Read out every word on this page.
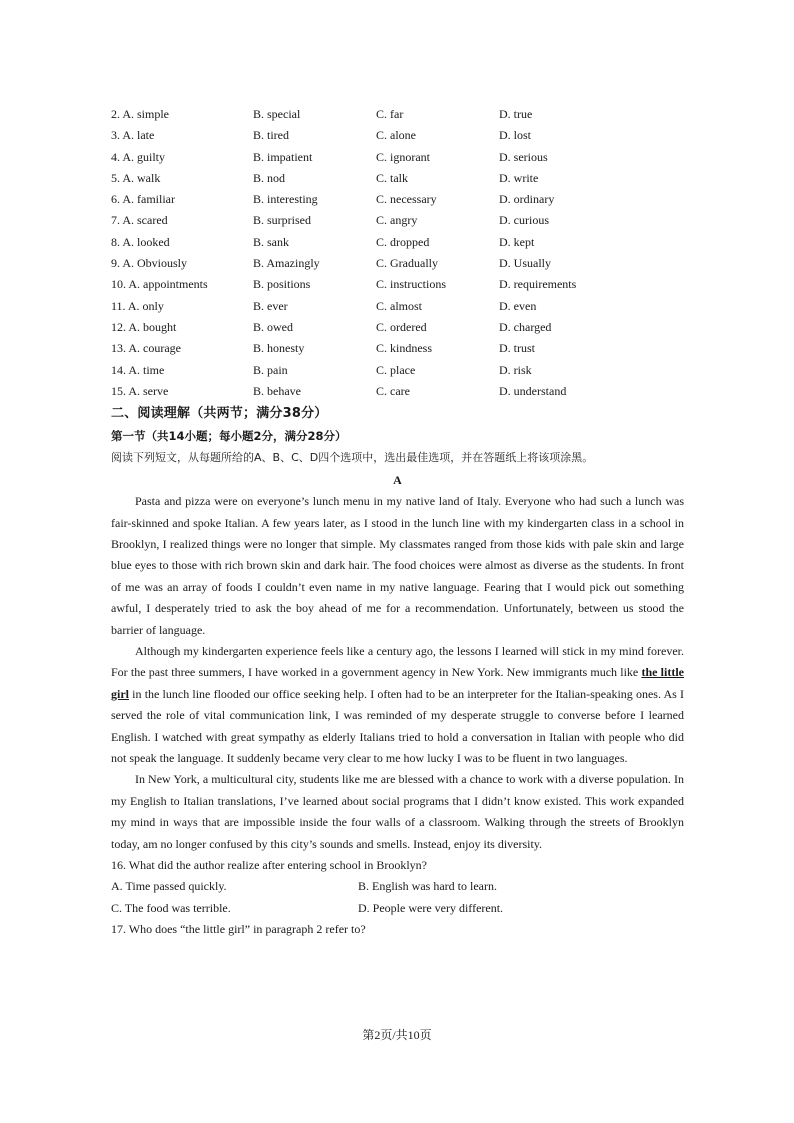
2. A. simple	B. special	C. far	D. true
3. A. late	B. tired	C. alone	D. lost
4. A. guilty	B. impatient	C. ignorant	D. serious
5. A. walk	B. nod	C. talk	D. write
6. A. familiar	B. interesting	C. necessary	D. ordinary
7. A. scared	B. surprised	C. angry	D. curious
8. A. looked	B. sank	C. dropped	D. kept
9. A. Obviously	B. Amazingly	C. Gradually	D. Usually
10. A. appointments	B. positions	C. instructions	D. requirements
11. A. only	B. ever	C. almost	D. even
12. A. bought	B. owed	C. ordered	D. charged
13. A. courage	B. honesty	C. kindness	D. trust
14. A. time	B. pain	C. place	D. risk
15. A. serve	B. behave	C. care	D. understand
二、阅读理解（共两节；满分38分）
第一节（共14小题；每小题2分，满分28分）
阅读下列短文，从每题所给的A、B、C、D四个选项中，选出最佳选项，并在答题纸上将该项涂黑。
A

Pasta and pizza were on everyone’s lunch menu in my native land of Italy. Everyone who had such a lunch was fair-skinned and spoke Italian. A few years later, as I stood in the lunch line with my kindergarten class in a school in Brooklyn, I realized things were no longer that simple. My classmates ranged from those kids with pale skin and large blue eyes to those with rich brown skin and dark hair. The food choices were almost as diverse as the students. In front of me was an array of foods I couldn’t even name in my native language. Fearing that I would pick out something awful, I desperately tried to ask the boy ahead of me for a recommendation. Unfortunately, between us stood the barrier of language.

Although my kindergarten experience feels like a century ago, the lessons I learned will stick in my mind forever. For the past three summers, I have worked in a government agency in New York. New immigrants much like the little girl in the lunch line flooded our office seeking help. I often had to be an interpreter for the Italian-speaking ones. As I served the role of vital communication link, I was reminded of my desperate struggle to converse before I learned English. I watched with great sympathy as elderly Italians tried to hold a conversation in Italian with people who did not speak the language. It suddenly became very clear to me how lucky I was to be fluent in two languages.

In New York, a multicultural city, students like me are blessed with a chance to work with a diverse population. In my English to Italian translations, I’ve learned about social programs that I didn’t know existed. This work expanded my mind in ways that are impossible inside the four walls of a classroom. Walking through the streets of Brooklyn today, am no longer confused by this city’s sounds and smells. Instead, enjoy its diversity.

16. What did the author realize after entering school in Brooklyn?
A. Time passed quickly.	B. English was hard to learn.
C. The food was terrible.	D. People were very different.
17. Who does “the little girl” in paragraph 2 refer to?
第2页/共10页
